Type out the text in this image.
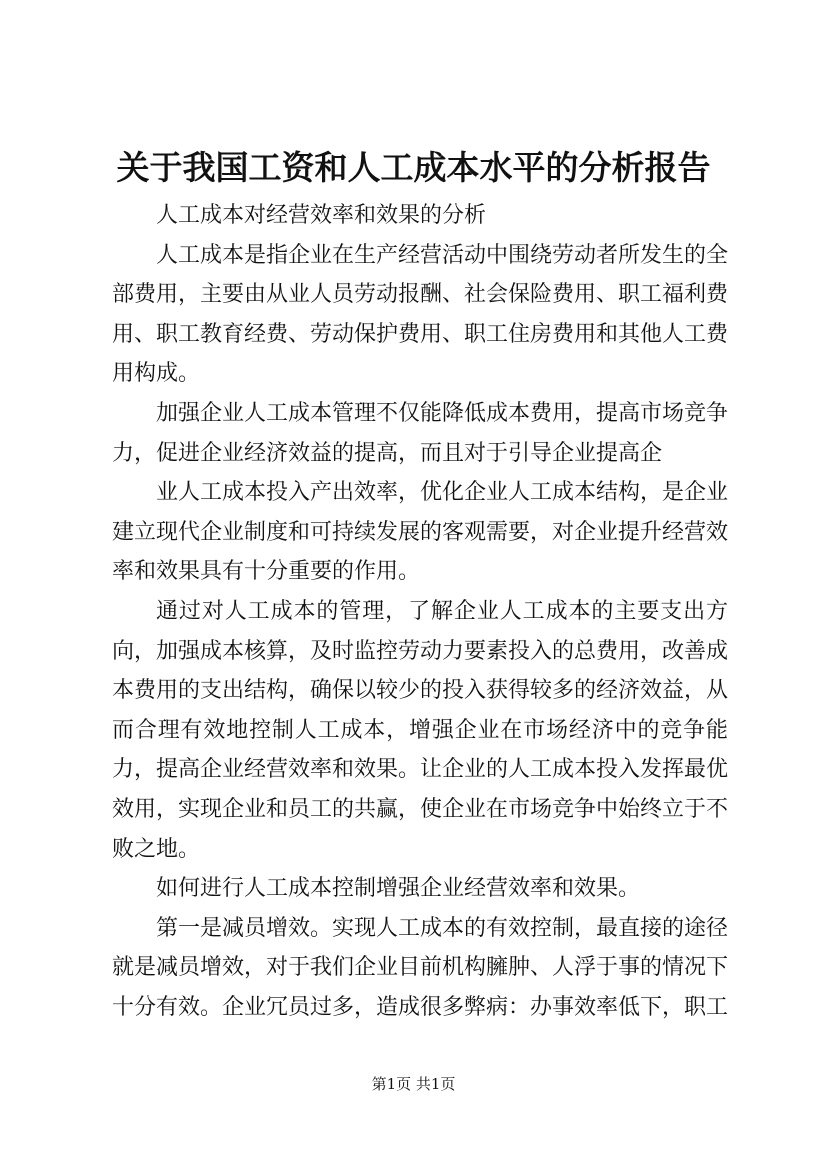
关于我国工资和人工成本水平的分析报告

人工成本对经营效率和效果的分析

人工成本是指企业在生产经营活动中围绕劳动者所发生的全部费用，主要由从业人员劳动报酬、社会保险费用、职工福利费用、职工教育经费、劳动保护费用、职工住房费用和其他人工费用构成。

加强企业人工成本管理不仅能降低成本费用，提高市场竞争力，促进企业经济效益的提高，而且对于引导企业提高企

业人工成本投入产出效率，优化企业人工成本结构，是企业建立现代企业制度和可持续发展的客观需要，对企业提升经营效率和效果具有十分重要的作用。

通过对人工成本的管理，了解企业人工成本的主要支出方向，加强成本核算，及时监控劳动力要素投入的总费用，改善成本费用的支出结构，确保以较少的投入获得较多的经济效益，从而合理有效地控制人工成本，增强企业在市场经济中的竞争能力，提高企业经营效率和效果。让企业的人工成本投入发挥最优效用，实现企业和员工的共赢，使企业在市场竞争中始终立于不败之地。

如何进行人工成本控制增强企业经营效率和效果。

第一是减员增效。实现人工成本的有效控制，最直接的途径就是减员增效，对于我们企业目前机构臃肿、人浮于事的情况下十分有效。企业冗员过多，造成很多弊病：办事效率低下，职工

第1页 共1页
